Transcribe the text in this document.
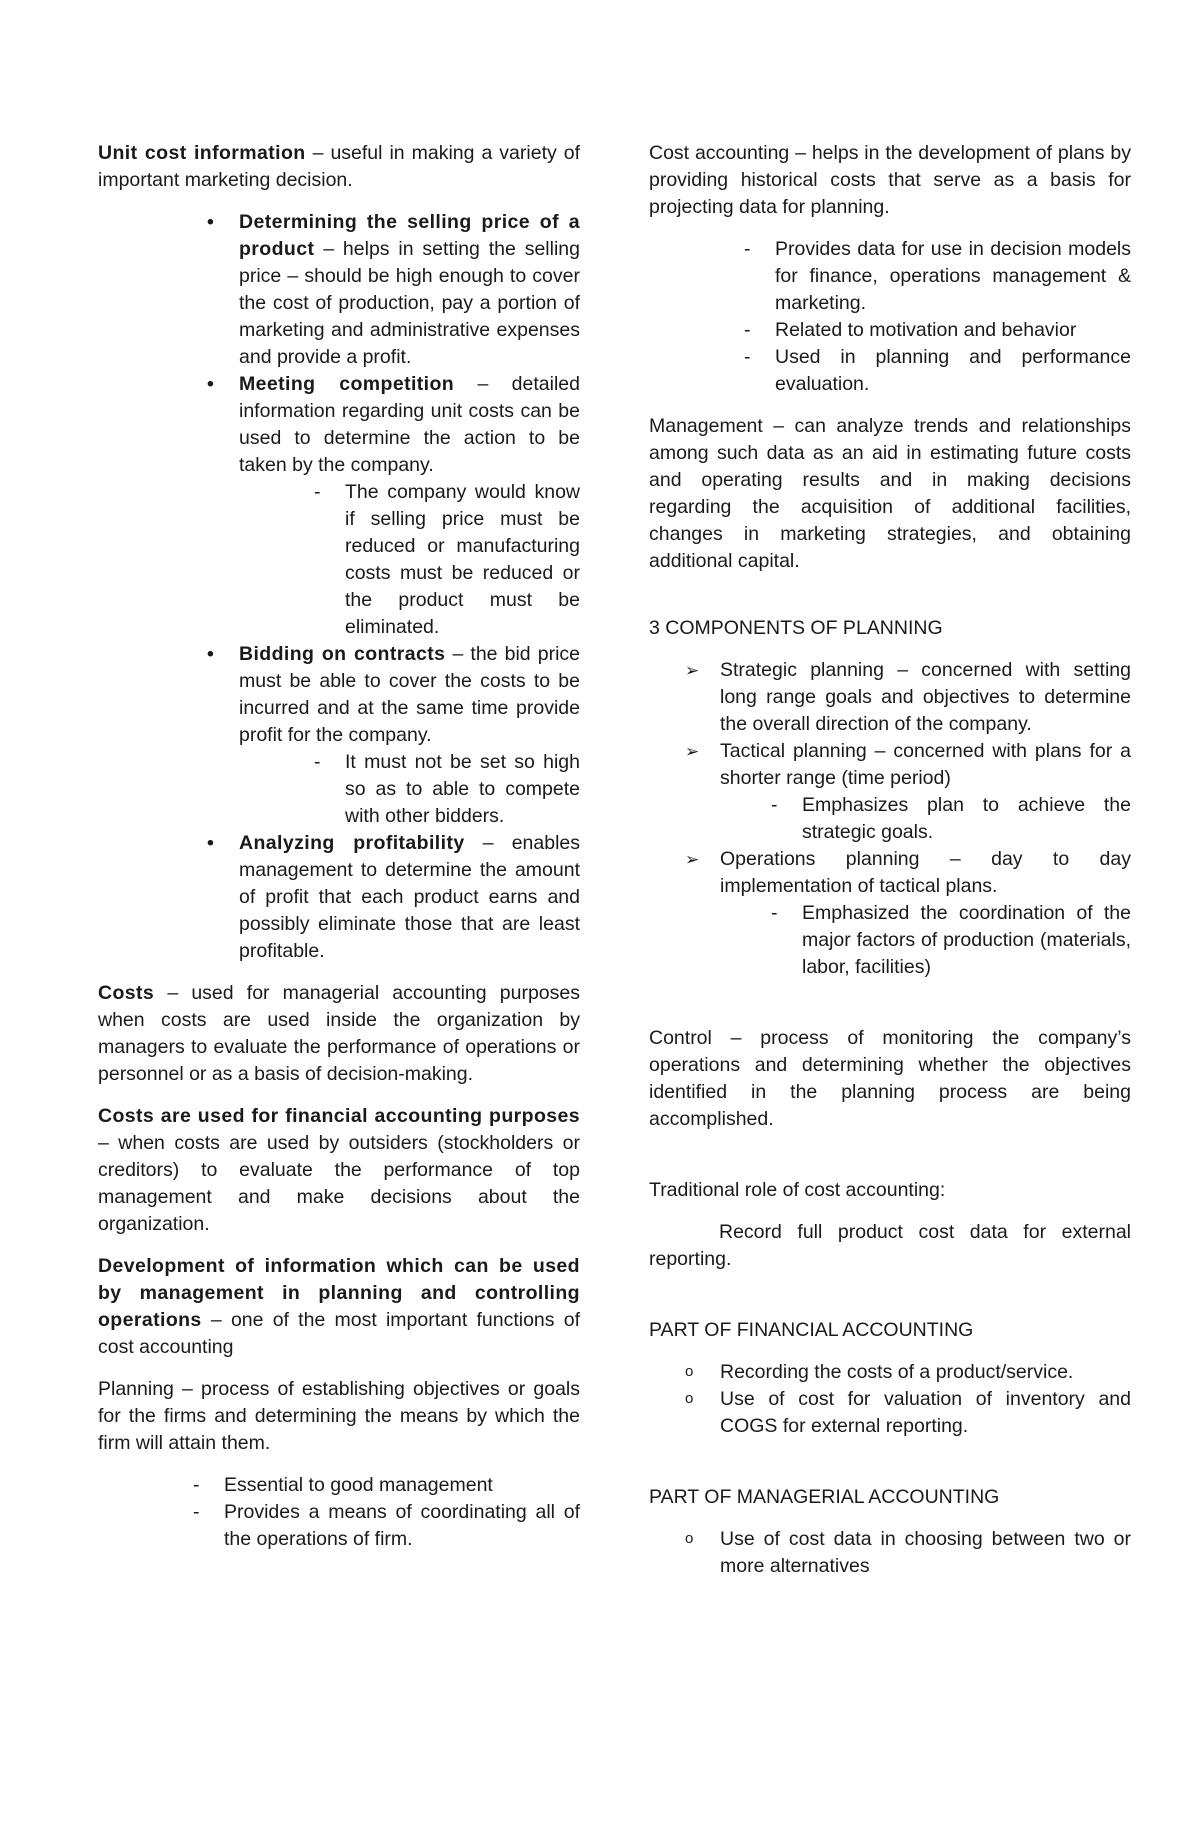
Unit cost information – useful in making a variety of important marketing decision.

• Determining the selling price of a product – helps in setting the selling price – should be high enough to cover the cost of production, pay a portion of marketing and administrative expenses and provide a profit.
• Meeting competition – detailed information regarding unit costs can be used to determine the action to be taken by the company.
- The company would know if selling price must be reduced or manufacturing costs must be reduced or the product must be eliminated.
• Bidding on contracts – the bid price must be able to cover the costs to be incurred and at the same time provide profit for the company.
- It must not be set so high so as to able to compete with other bidders.
• Analyzing profitability – enables management to determine the amount of profit that each product earns and possibly eliminate those that are least profitable.

Costs – used for managerial accounting purposes when costs are used inside the organization by managers to evaluate the performance of operations or personnel or as a basis of decision-making.

Costs are used for financial accounting purposes – when costs are used by outsiders (stockholders or creditors) to evaluate the performance of top management and make decisions about the organization.

Development of information which can be used by management in planning and controlling operations – one of the most important functions of cost accounting

Planning – process of establishing objectives or goals for the firms and determining the means by which the firm will attain them.

- Essential to good management
- Provides a means of coordinating all of the operations of firm.

Cost accounting – helps in the development of plans by providing historical costs that serve as a basis for projecting data for planning.

- Provides data for use in decision models for finance, operations management & marketing.
- Related to motivation and behavior
- Used in planning and performance evaluation.

Management – can analyze trends and relationships among such data as an aid in estimating future costs and operating results and in making decisions regarding the acquisition of additional facilities, changes in marketing strategies, and obtaining additional capital.

3 COMPONENTS OF PLANNING

➢ Strategic planning – concerned with setting long range goals and objectives to determine the overall direction of the company.
➢ Tactical planning – concerned with plans for a shorter range (time period)
- Emphasizes plan to achieve the strategic goals.
➢ Operations planning – day to day implementation of tactical plans.
- Emphasized the coordination of the major factors of production (materials, labor, facilities)

Control – process of monitoring the company’s operations and determining whether the objectives identified in the planning process are being accomplished.

Traditional role of cost accounting:

Record full product cost data for external reporting.

PART OF FINANCIAL ACCOUNTING

o Recording the costs of a product/service.
o Use of cost for valuation of inventory and COGS for external reporting.

PART OF MANAGERIAL ACCOUNTING

o Use of cost data in choosing between two or more alternatives
